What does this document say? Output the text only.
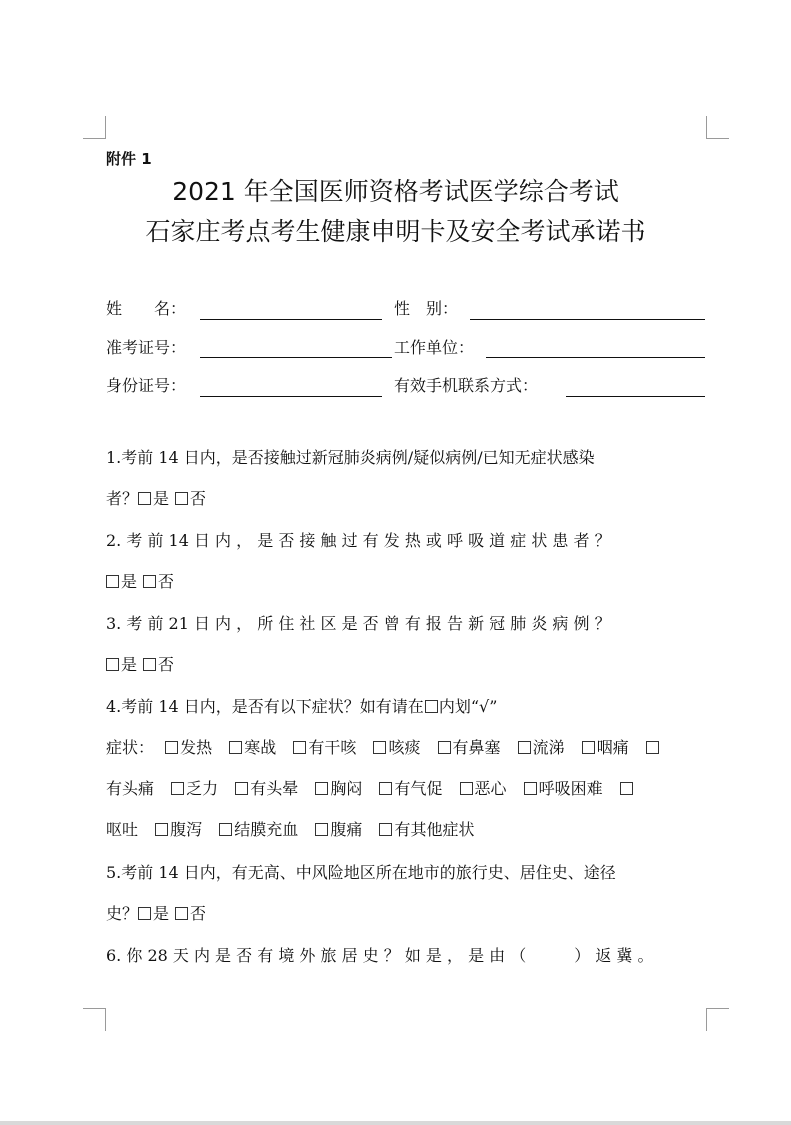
附件 1
2021 年全国医师资格考试医学综合考试
石家庄考点考生健康申明卡及安全考试承诺书
姓　　名：	性　别：
准考证号：	工作单位：
身份证号：	有效手机联系方式：
1.考前 14 日内，是否接触过新冠肺炎病例/疑似病例/已知无症状感染
者？ 是 否
2. 考 前 14 日 内 ， 是 否 接 触 过 有 发 热 或 呼 吸 道 症 状 患 者 ？
是 否
3. 考 前 21 日 内 ， 所 住 社 区 是 否 曾 有 报 告 新 冠 肺 炎 病 例 ？
是 否
4.考前 14 日内，是否有以下症状？如有请在 内划“√”
症状： 发热 寒战 有干咳 咳痰 有鼻塞 流涕 咽痛
有头痛 乏力 有头晕 胸闷 有气促 恶心 呼吸困难
呕吐 腹泻 结膜充血 腹痛 有其他症状
5.考前 14 日内，有无高、中风险地区所在地市的旅行史、居住史、途径
史？ 是 否
6. 你 28 天 内 是 否 有 境 外 旅 居 史 ？ 如 是 ， 是 由 （　　　） 返 冀 。
